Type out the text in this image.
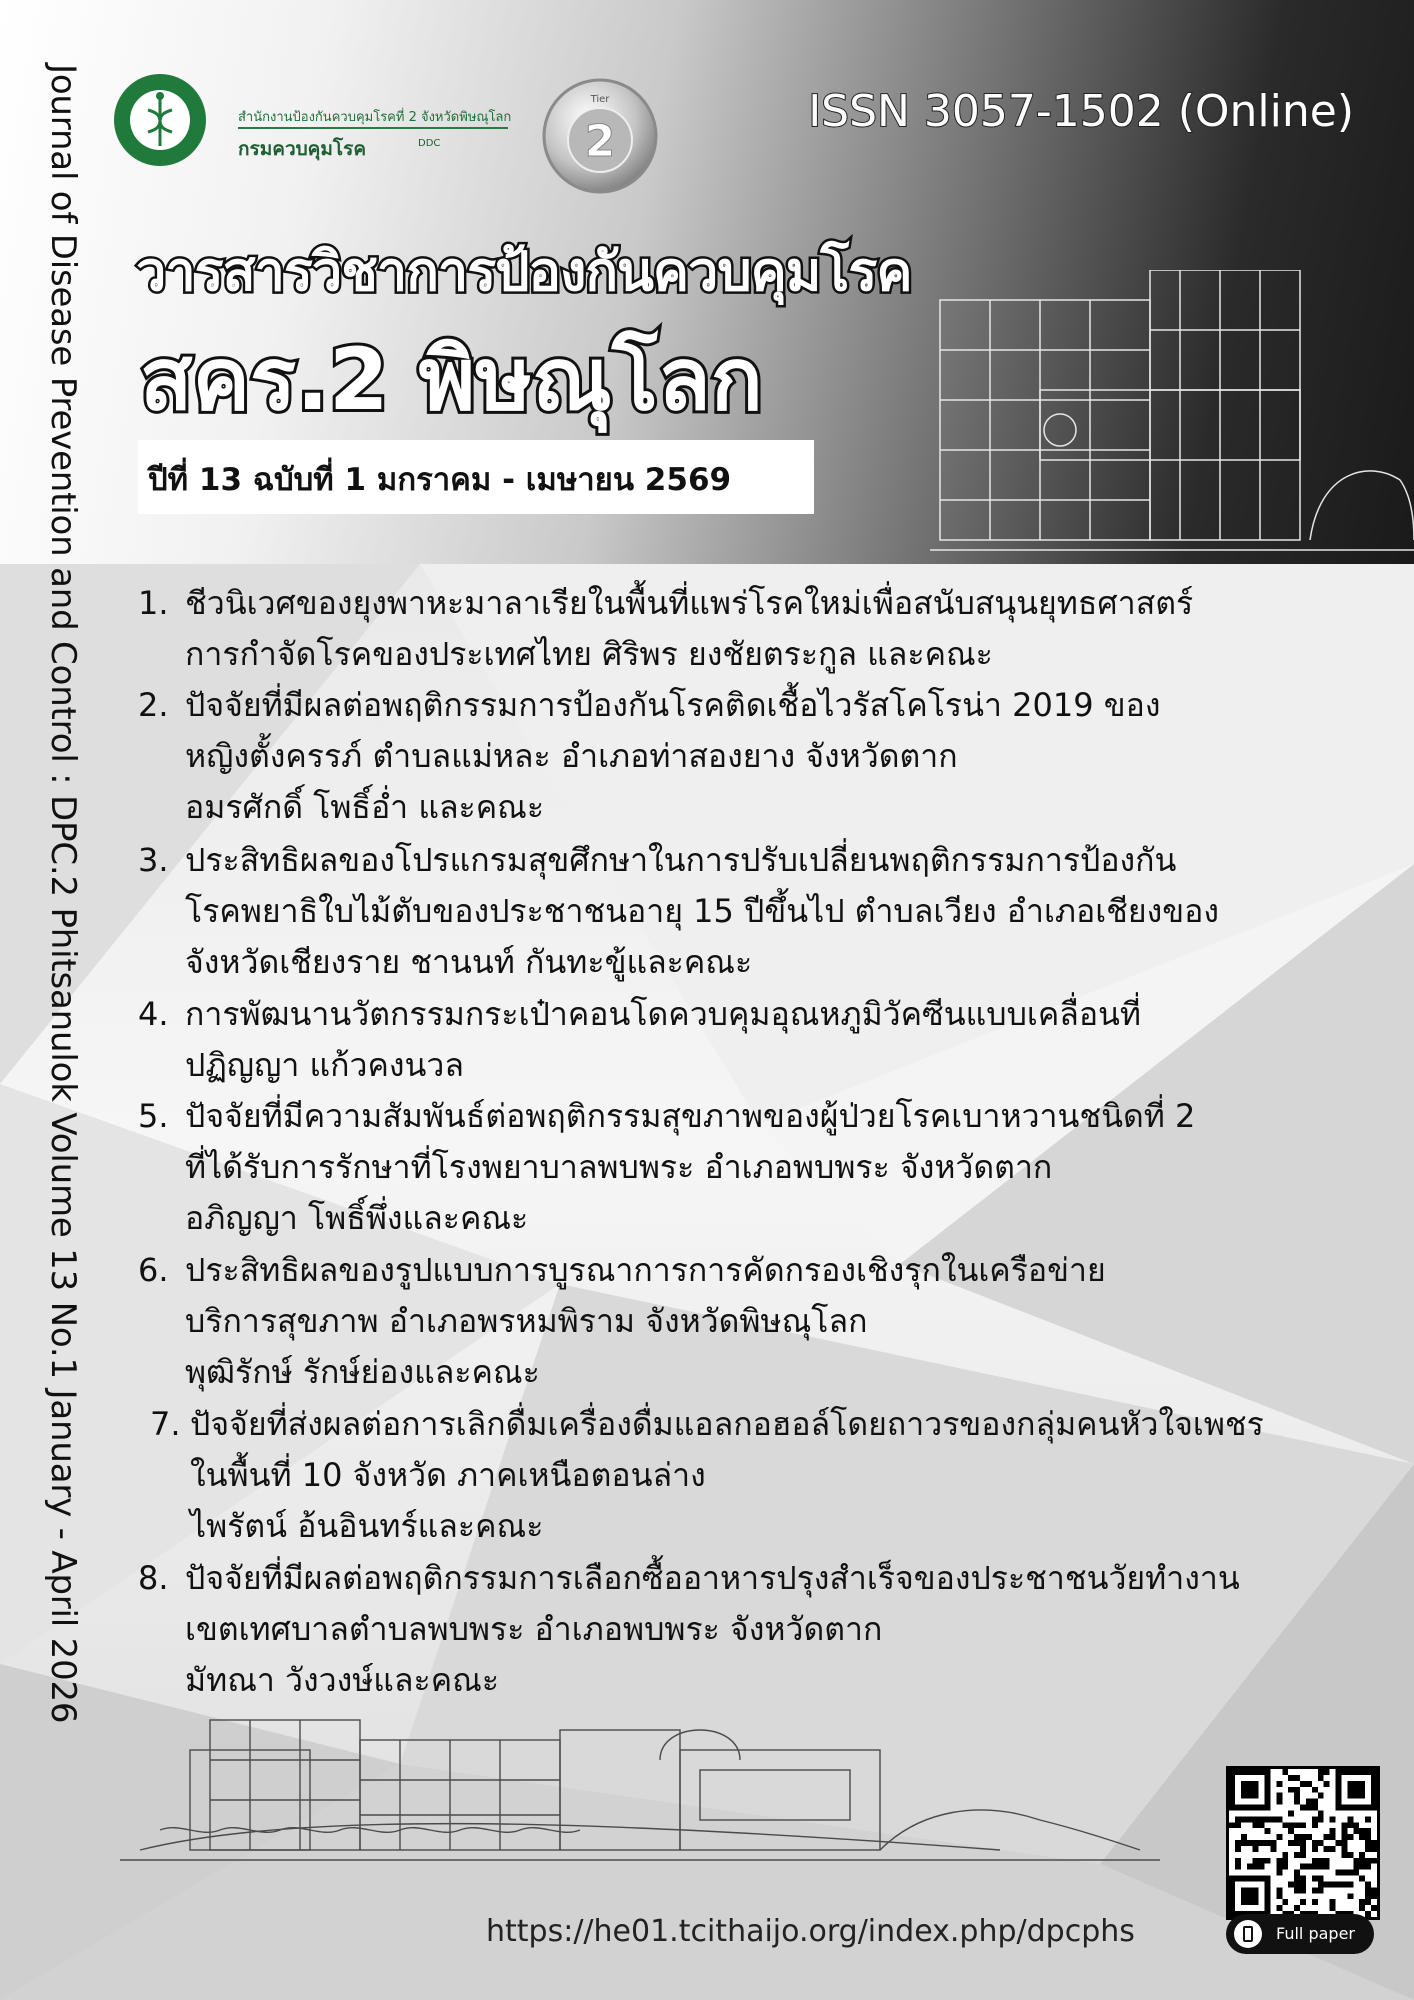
Journal of Disease Prevention and Control : DPC.2 Phitsanulok Volume 13 No.1 January - April 2026	สำนักงานป้องกันควบคุมโรคที่ 2 จังหวัดพิษณุโลก
กรมควบคุมโรค	DDC
Tier
2
ISSN 3057-1502 (Online)
วารสารวิชาการป้องกันควบคุมโรค
สคร.2 พิษณุโลก
ปีที่ 13 ฉบับที่ 1 มกราคม - เมษายน 2569
1. ชีวนิเวศของยุงพาหะมาลาเรียในพื้นที่แพร่โรคใหม่เพื่อสนับสนุนยุทธศาสตร์
การกำจัดโรคของประเทศไทย ศิริพร ยงชัยตระกูล และคณะ
2. ปัจจัยที่มีผลต่อพฤติกรรมการป้องกันโรคติดเชื้อไวรัสโคโรน่า 2019 ของ
หญิงตั้งครรภ์ ตำบลแม่หละ อำเภอท่าสองยาง จังหวัดตาก
อมรศักดิ์ โพธิ์อ่ำ และคณะ
3. ประสิทธิผลของโปรแกรมสุขศึกษาในการปรับเปลี่ยนพฤติกรรมการป้องกัน
โรคพยาธิใบไม้ตับของประชาชนอายุ 15 ปีขึ้นไป ตำบลเวียง อำเภอเชียงของ
จังหวัดเชียงราย ชานนท์ กันทะขู้และคณะ
4. การพัฒนานวัตกรรมกระเป๋าคอนโดควบคุมอุณหภูมิวัคซีนแบบเคลื่อนที่
ปฏิญญา แก้วคงนวล
5. ปัจจัยที่มีความสัมพันธ์ต่อพฤติกรรมสุขภาพของผู้ป่วยโรคเบาหวานชนิดที่ 2
ที่ได้รับการรักษาที่โรงพยาบาลพบพระ อำเภอพบพระ จังหวัดตาก
อภิญญา โพธิ์พึ่งและคณะ
6. ประสิทธิผลของรูปแบบการบูรณาการการคัดกรองเชิงรุกในเครือข่าย
บริการสุขภาพ อำเภอพรหมพิราม จังหวัดพิษณุโลก
พุฒิรักษ์ รักษ์ย่องและคณะ
7. ปัจจัยที่ส่งผลต่อการเลิกดื่มเครื่องดื่มแอลกอฮอล์โดยถาวรของกลุ่มคนหัวใจเพชร
ในพื้นที่ 10 จังหวัด ภาคเหนือตอนล่าง
ไพรัตน์ อ้นอินทร์และคณะ
8. ปัจจัยที่มีผลต่อพฤติกรรมการเลือกซื้ออาหารปรุงสำเร็จของประชาชนวัยทำงาน
เขตเทศบาลตำบลพบพระ อำเภอพบพระ จังหวัดตาก
มัทณา วังวงษ์และคณะ
Full paper
https://he01.tcithaijo.org/index.php/dpcphs
